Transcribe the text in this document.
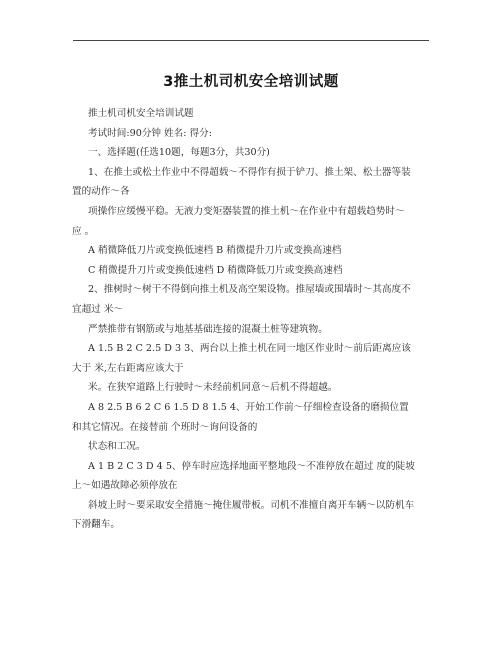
3推土机司机安全培训试题

推土机司机安全培训试题

考试时间:90分钟 姓名: 得分:

一、选择题(任选10题，每题3分，共30分)

1、在推土或松土作业中不得超载～不得作有损于铲刀、推土架、松土器等装

置的动作～各

项操作应缓慢平稳。无液力变矩器装置的推土机～在作业中有超载趋势时～

应 。

A 稍微降低刀片或变换低速档 B 稍微提升刀片或变换高速档

C 稍微提升刀片或变换低速档 D 稍微降低刀片或变换高速档

2、推树时～树干不得倒向推土机及高空架设物。推屋墙或围墙时～其高度不

宜超过 米～

严禁推带有钢筋或与地基基础连接的混凝土桩等建筑物。

A 1.5 B 2 C 2.5 D 3 3、两台以上推土机在同一地区作业时～前后距离应该

大于 米,左右距离应该大于

米。在狭窄道路上行驶时～未经前机同意～后机不得超越。

A 8 2.5 B 6 2 C 6 1.5 D 8 1.5 4、开始工作前～仔细检查设备的磨损位置

和其它情况。在接替前 个班时～询问设备的

状态和工况。

A 1 B 2 C 3 D 4 5、停车时应选择地面平整地段～不准停放在超过 度的陡坡

上～如遇故障必须停放在

斜坡上时～要采取安全措施～掩住履带板。司机不准擅自离开车辆～以防机车

下滑翻车。
